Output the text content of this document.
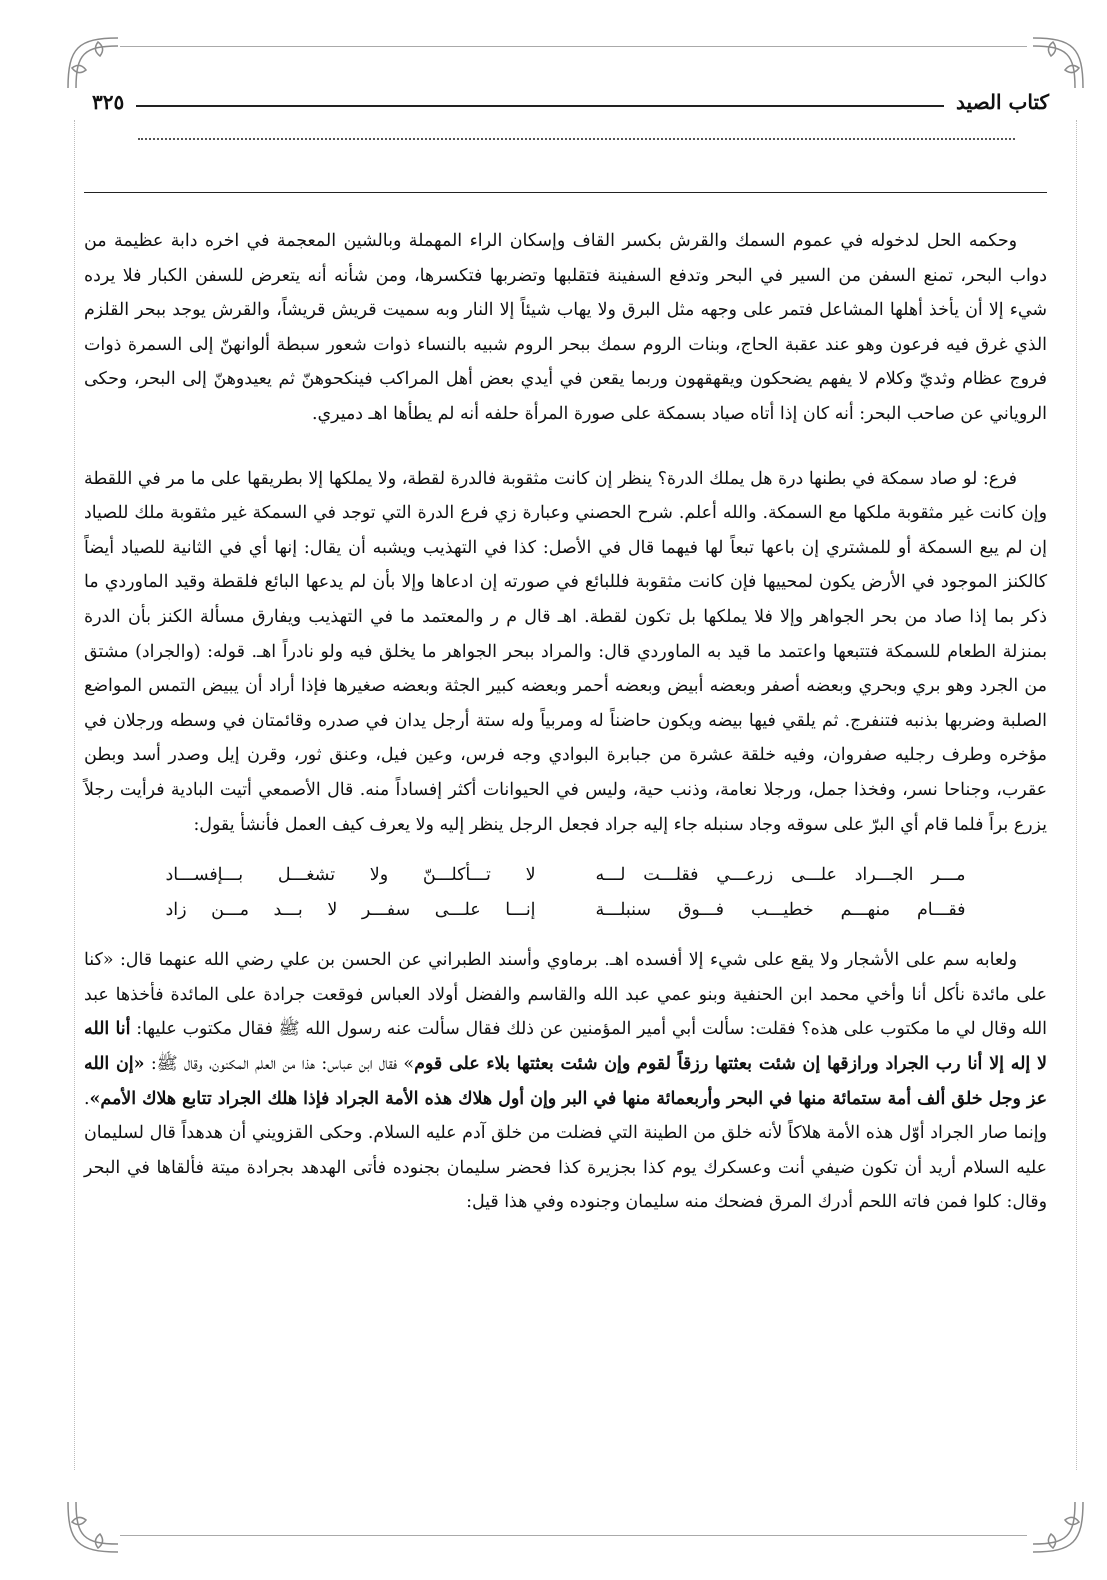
كتاب الصيد
٣٢٥

وحكمه الحل لدخوله في عموم السمك والقرش بكسر القاف وإسكان الراء المهملة وبالشين المعجمة في اخره دابة عظيمة من دواب البحر، تمنع السفن من السير في البحر وتدفع السفينة فتقلبها وتضربها فتكسرها، ومن شأنه أنه يتعرض للسفن الكبار فلا يرده شيء إلا أن يأخذ أهلها المشاعل فتمر على وجهه مثل البرق ولا يهاب شيئاً إلا النار وبه سميت قريش قريشاً، والقرش يوجد ببحر القلزم الذي غرق فيه فرعون وهو عند عقبة الحاج، وبنات الروم سمك ببحر الروم شبيه بالنساء ذوات شعور سبطة ألوانهنّ إلى السمرة ذوات فروج عظام وثديّ وكلام لا يفهم يضحكون ويقهقهون وربما يقعن في أيدي بعض أهل المراكب فينكحوهنّ ثم يعيدوهنّ إلى البحر، وحكى الروياني عن صاحب البحر: أنه كان إذا أتاه صياد بسمكة على صورة المرأة حلفه أنه لم يطأها اهـ دميري.

فرع: لو صاد سمكة في بطنها درة هل يملك الدرة؟ ينظر إن كانت مثقوبة فالدرة لقطة، ولا يملكها إلا بطريقها على ما مر في اللقطة وإن كانت غير مثقوبة ملكها مع السمكة. والله أعلم. شرح الحصني وعبارة زي فرع الدرة التي توجد في السمكة غير مثقوبة ملك للصياد إن لم يبع السمكة أو للمشتري إن باعها تبعاً لها فيهما قال في الأصل: كذا في التهذيب ويشبه أن يقال: إنها أي في الثانية للصياد أيضاً كالكنز الموجود في الأرض يكون لمحييها فإن كانت مثقوبة فللبائع في صورته إن ادعاها وإلا بأن لم يدعها البائع فلقطة وقيد الماوردي ما ذكر بما إذا صاد من بحر الجواهر وإلا فلا يملكها بل تكون لقطة. اهـ قال م ر والمعتمد ما في التهذيب ويفارق مسألة الكنز بأن الدرة بمنزلة الطعام للسمكة فتتبعها واعتمد ما قيد به الماوردي قال: والمراد ببحر الجواهر ما يخلق فيه ولو نادراً اهـ. قوله: (والجراد) مشتق من الجرد وهو بري وبحري وبعضه أصفر وبعضه أبيض وبعضه أحمر وبعضه كبير الجثة وبعضه صغيرها فإذا أراد أن يبيض التمس المواضع الصلبة وضربها بذنبه فتنفرج. ثم يلقي فيها بيضه ويكون حاضناً له ومربياً وله ستة أرجل يدان في صدره وقائمتان في وسطه ورجلان في مؤخره وطرف رجليه صفروان، وفيه خلقة عشرة من جبابرة البوادي وجه فرس، وعين فيل، وعنق ثور، وقرن إيل وصدر أسد وبطن عقرب، وجناحا نسر، وفخذا جمل، ورجلا نعامة، وذنب حية، وليس في الحيوانات أكثر إفساداً منه. قال الأصمعي أتيت البادية فرأيت رجلاً يزرع براً فلما قام أي البرّ على سوقه وجاد سنبله جاء إليه جراد فجعل الرجل ينظر إليه ولا يعرف كيف العمل فأنشأ يقول:

مـــر الجـــراد علـــى زرعـــي فقلـــت لـــه
لا تـــأكلـــنّ ولا تشغـــل بـــإفســـاد
فقـــام منهـــم خطيـــب فـــوق سنبلـــة
إنـــا علـــى سفـــر لا بـــد مـــن زاد

ولعابه سم على الأشجار ولا يقع على شيء إلا أفسده اهـ. برماوي وأسند الطبراني عن الحسن بن علي رضي الله عنهما قال: «كنا على مائدة نأكل أنا وأخي محمد ابن الحنفية وبنو عمي عبد الله والقاسم والفضل أولاد العباس فوقعت جرادة على المائدة فأخذها عبد الله وقال لي ما مكتوب على هذه؟ فقلت: سألت أبي أمير المؤمنين عن ذلك فقال سألت عنه رسول الله ﷺ فقال مكتوب عليها: أنا الله لا إله إلا أنا رب الجراد ورازقها إن شئت بعثتها رزقاً لقوم وإن شئت بعثتها بلاء على قوم» فقال ابن عباس: هذا من العلم المكنون، وقال ﷺ: «إن الله عز وجل خلق ألف أمة ستمائة منها في البحر وأربعمائة منها في البر وإن أول هلاك هذه الأمة الجراد فإذا هلك الجراد تتابع هلاك الأمم». وإنما صار الجراد أوّل هذه الأمة هلاكاً لأنه خلق من الطينة التي فضلت من خلق آدم عليه السلام. وحكى القزويني أن هدهداً قال لسليمان عليه السلام أريد أن تكون ضيفي أنت وعسكرك يوم كذا بجزيرة كذا فحضر سليمان بجنوده فأتى الهدهد بجرادة ميتة فألقاها في البحر وقال: كلوا فمن فاته اللحم أدرك المرق فضحك منه سليمان وجنوده وفي هذا قيل:
